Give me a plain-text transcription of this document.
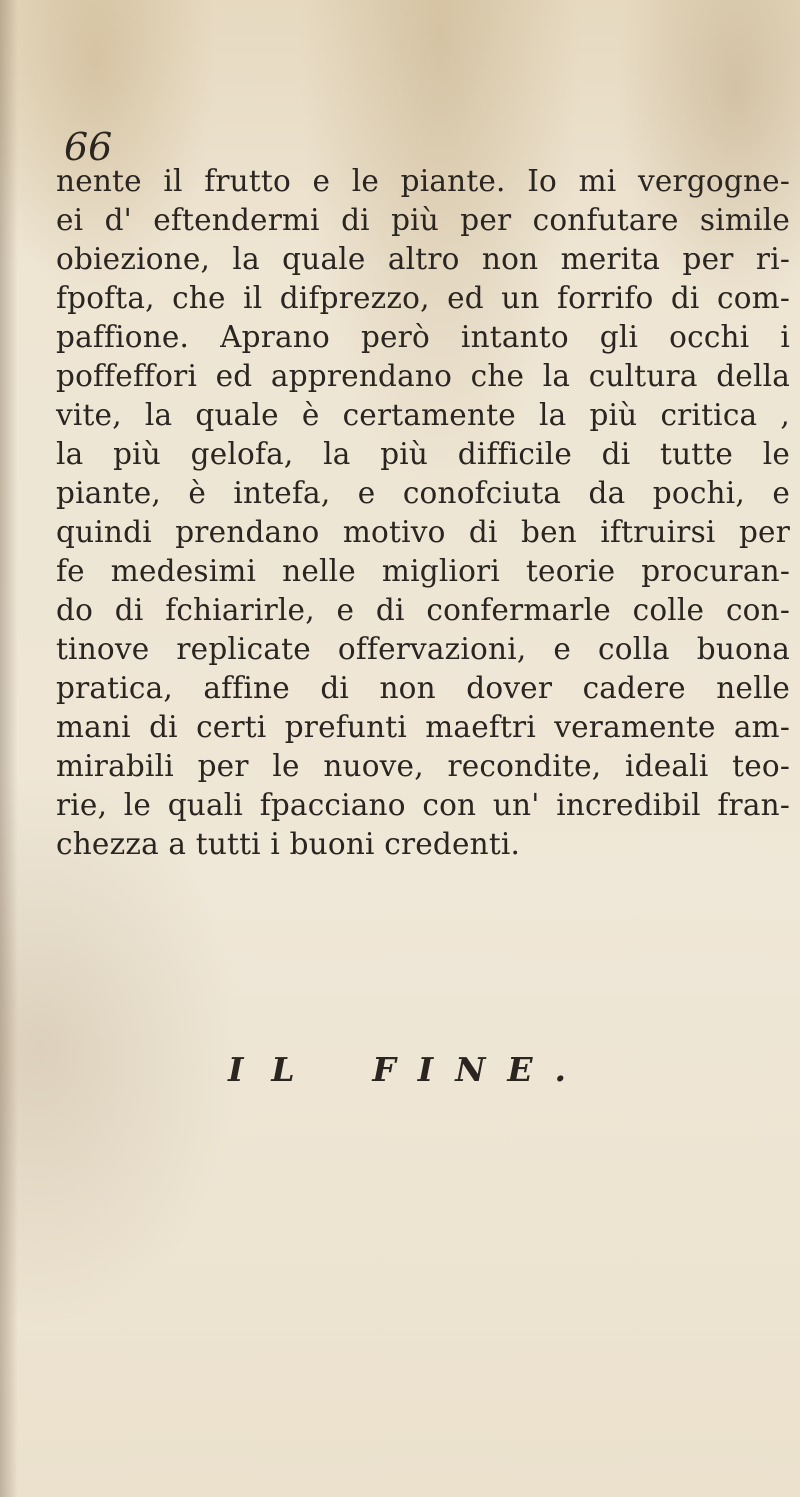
66
nente il frutto e le piante. Io mi vergogne-
ei d' eftendermi di più per confutare simile
obiezione, la quale altro non merita per ri-
fpofta, che il difprezzo, ed un forrifo di com-
paffione. Aprano però intanto gli occhi i
poffeffori ed apprendano che la cultura della
vite, la quale è certamente la più critica ,
la più gelofa, la più difficile di tutte le
piante, è intefa, e conofciuta da pochi, e
quindi prendano motivo di ben iftruirsi per
fe medesimi nelle migliori teorie procuran-
do di fchiarirle, e di confermarle colle con-
tinove replicate offervazioni, e colla buona
pratica, affine di non dover cadere nelle
mani di certi prefunti maeftri veramente am-
mirabili per le nuove, recondite, ideali teo-
rie, le quali fpacciano con un' incredibil fran-
chezza a tutti i buoni credenti.
IL FINE.
